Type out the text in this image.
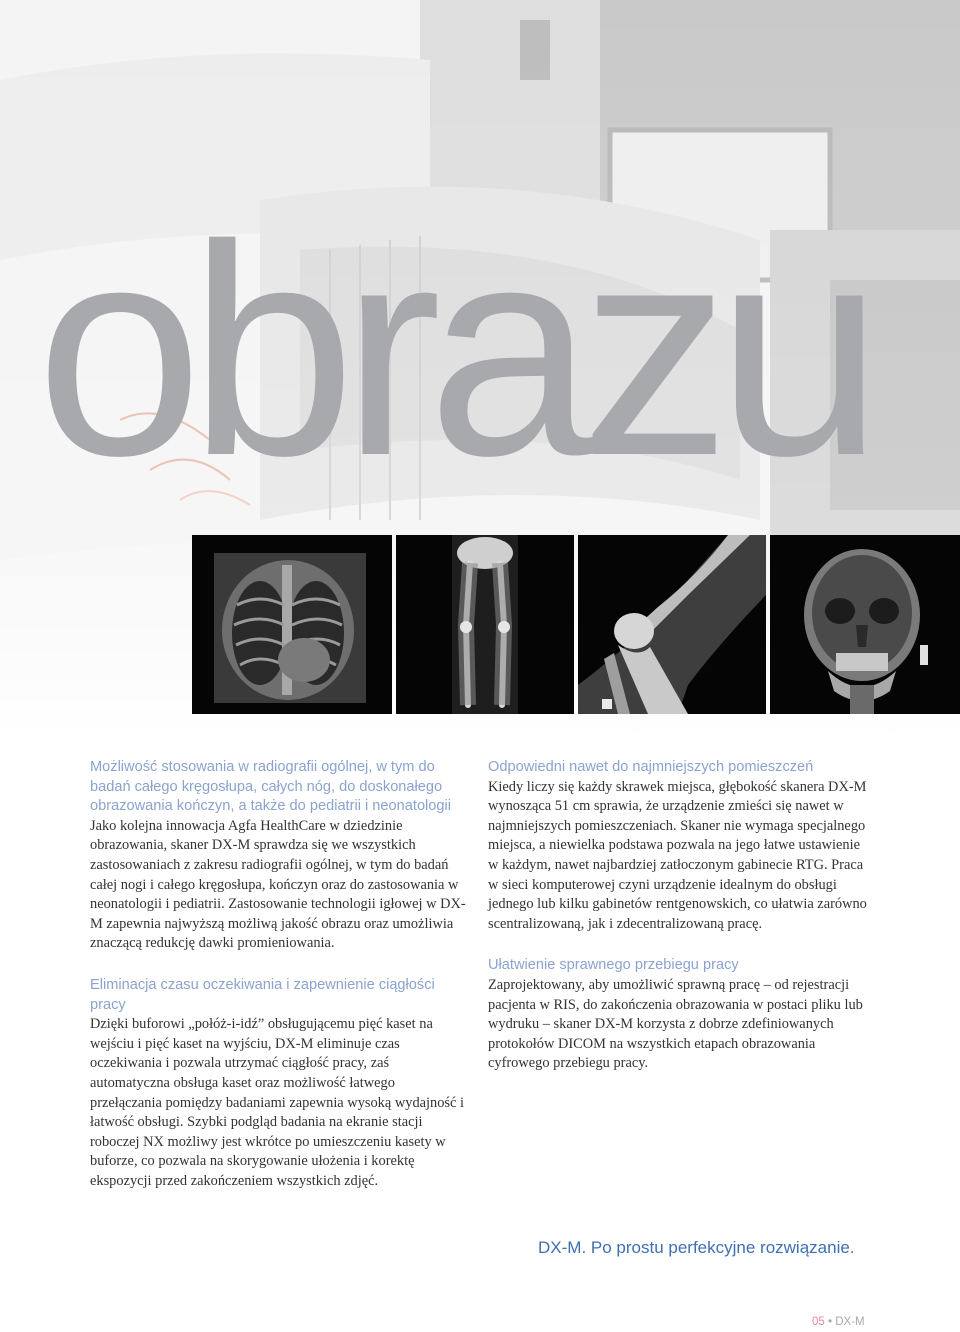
obrazu

Możliwość stosowania w radiografii ogólnej, w tym do badań całego kręgosłupa, całych nóg, do doskonałego obrazowania kończyn, a także do pediatrii i neonatologii

Jako kolejna innowacja Agfa HealthCare w dziedzinie obrazowania, skaner DX-M sprawdza się we wszystkich zastosowaniach z zakresu radiografii ogólnej, w tym do badań całej nogi i całego kręgosłupa, kończyn oraz do zastosowania w neonatologii i pediatrii. Zastosowanie technologii igłowej w DX-M zapewnia najwyższą możliwą jakość obrazu oraz umożliwia znaczącą redukcję dawki promieniowania.

Eliminacja czasu oczekiwania i zapewnienie ciągłości pracy

Dzięki buforowi „połóż-i-idź” obsługującemu pięć kaset na wejściu i pięć kaset na wyjściu, DX-M eliminuje czas oczekiwania i pozwala utrzymać ciągłość pracy, zaś automatyczna obsługa kaset oraz możliwość łatwego przełączania pomiędzy badaniami zapewnia wysoką wydajność i łatwość obsługi. Szybki podgląd badania na ekranie stacji roboczej NX możliwy jest wkrótce po umieszczeniu kasety w buforze, co pozwala na skorygowanie ułożenia i korektę ekspozycji przed zakończeniem wszystkich zdjęć.

Odpowiedni nawet do najmniejszych pomieszczeń

Kiedy liczy się każdy skrawek miejsca, głębokość skanera DX-M wynosząca 51 cm sprawia, że urządzenie zmieści się nawet w najmniejszych pomieszczeniach. Skaner nie wymaga specjalnego miejsca, a niewielka podstawa pozwala na jego łatwe ustawienie w każdym, nawet najbardziej zatłoczonym gabinecie RTG. Praca w sieci komputerowej czyni urządzenie idealnym do obsługi jednego lub kilku gabinetów rentgenowskich, co ułatwia zarówno scentralizowaną, jak i zdecentralizowaną pracę.

Ułatwienie sprawnego przebiegu pracy

Zaprojektowany, aby umożliwić sprawną pracę – od rejestracji pacjenta w RIS, do zakończenia obrazowania w postaci pliku lub wydruku – skaner DX-M korzysta z dobrze zdefiniowanych protokołów DICOM na wszystkich etapach obrazowania cyfrowego przebiegu pracy.

DX-M. Po prostu perfekcyjne rozwiązanie.
05 • DX-M
